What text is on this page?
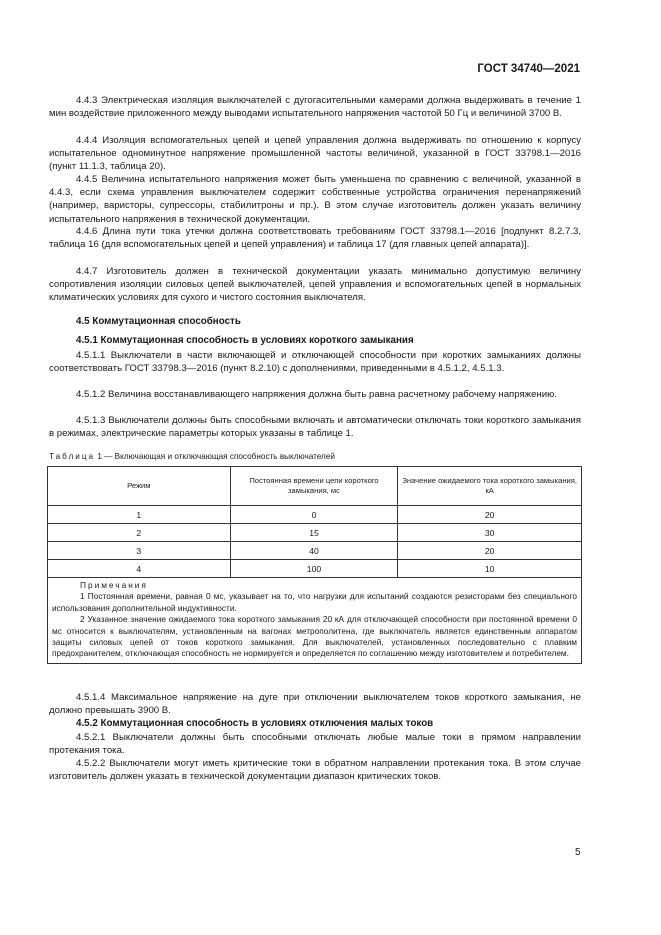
ГОСТ 34740—2021

4.4.3 Электрическая изоляция выключателей с дугогасительными камерами должна выдерживать в течение 1 мин воздействие приложенного между выводами испытательного напряжения частотой 50 Гц и величиной 3700 В.

4.4.4 Изоляция вспомогательных цепей и цепей управления должна выдерживать по отношению к корпусу испытательное одноминутное напряжение промышленной частоты величиной, указанной в ГОСТ 33798.1—2016 (пункт 11.1.3, таблица 20).

4.4.5 Величина испытательного напряжения может быть уменьшена по сравнению с величиной, указанной в 4.4.3, если схема управления выключателем содержит собственные устройства ограничения перенапряжений (например, варисторы, супрессоры, стабилитроны и пр.). В этом случае изготовитель должен указать величину испытательного напряжения в технической документации.

4.4.6 Длина пути тока утечки должна соответствовать требованиям ГОСТ 33798.1—2016 [подпункт 8.2.7.3, таблица 16 (для вспомогательных цепей и цепей управления) и таблица 17 (для главных цепей аппарата)].

4.4.7 Изготовитель должен в технической документации указать минимально допустимую величину сопротивления изоляции силовых цепей выключателей, цепей управления и вспомогательных цепей в нормальных климатических условиях для сухого и чистого состояния выключателя.

4.5 Коммутационная способность
4.5.1 Коммутационная способность в условиях короткого замыкания

4.5.1.1 Выключатели в части включающей и отключающей способности при коротких замыканиях должны соответствовать ГОСТ 33798.3—2016 (пункт 8.2.10) с дополнениями, приведенными в 4.5.1.2, 4.5.1.3.

4.5.1.2 Величина восстанавливающего напряжения должна быть равна расчетному рабочему напряжению.

4.5.1.3 Выключатели должны быть способными включать и автоматически отключать токи короткого замыкания в режимах, электрические параметры которых указаны в таблице 1.

Таблица 1 — Включающая и отключающая способность выключателей
Режим	Постоянная времени цепи короткого замыкания, мс	Значение ожидаемого тока короткого замыкания, кА
1	0	20
2	15	30
3	40	20
4	100	10

Примечания

1 Постоянная времени, равная 0 мс, указывает на то, что нагрузки для испытаний создаются резисторами без специального использования дополнительной индуктивности.

2 Указанное значение ожидаемого тока короткого замыкания 20 кА для отключающей способности при постоянной времени 0 мс относится к выключателям, установленным на вагонах метрополитена, где выключатель является единственным аппаратом защиты силовых цепей от токов короткого замыкания. Для выключателей, установленных последовательно с плавким предохранителем, отключающая способность не нормируется и определяется по соглашению между изготовителем и потребителем.		

4.5.1.4 Максимальное напряжение на дуге при отключении выключателем токов короткого замыкания, не должно превышать 3900 В.

4.5.2 Коммутационная способность в условиях отключения малых токов

4.5.2.1 Выключатели должны быть способными отключать любые малые токи в прямом направлении протекания тока.

4.5.2.2 Выключатели могут иметь критические токи в обратном направлении протекания тока. В этом случае изготовитель должен указать в технической документации диапазон критических токов.

5
